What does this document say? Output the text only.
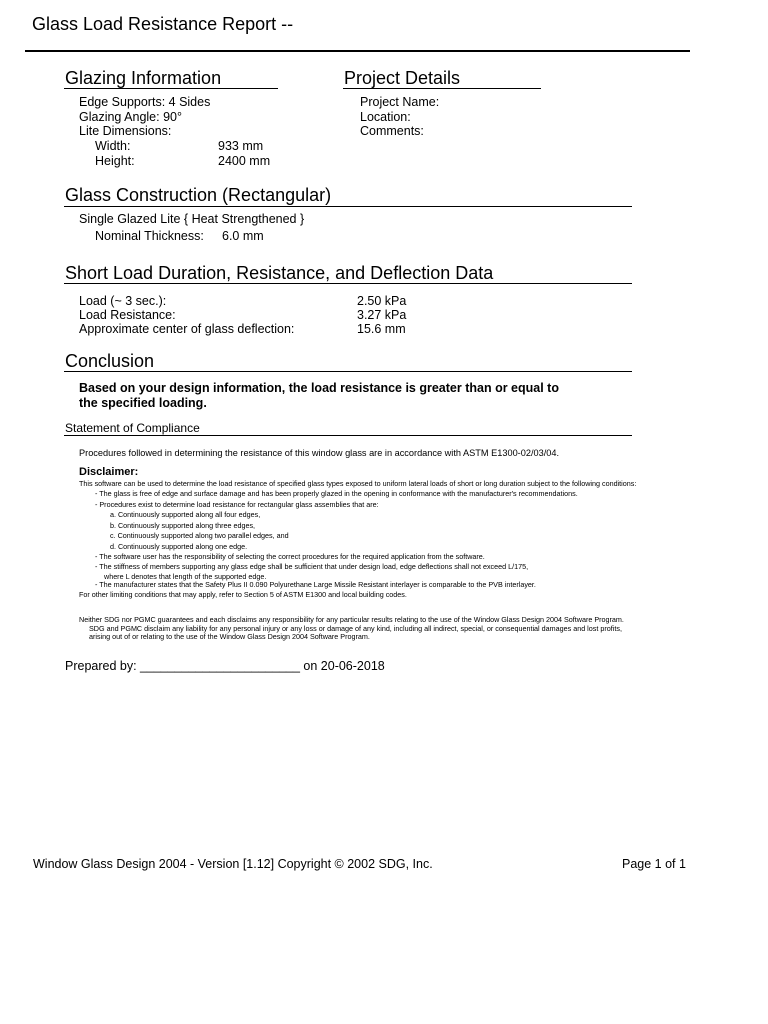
Glass Load Resistance Report --
Glazing Information
Edge Supports: 4 Sides
Glazing Angle: 90°
Lite Dimensions:
Width:	933 mm
Height:	2400 mm
Project Details
Project Name:
Location:
Comments:
Glass Construction (Rectangular)
Single Glazed Lite { Heat Strengthened }
Nominal Thickness: 6.0 mm
Short Load Duration, Resistance, and Deflection Data
Load (~ 3 sec.):	2.50 kPa
Load Resistance:	3.27 kPa
Approximate center of glass deflection:	15.6 mm
Conclusion
Based on your design information, the load resistance is greater than or equal to
the specified loading.
Statement of Compliance
Procedures followed in determining the resistance of this window glass are in accordance with ASTM E1300-02/03/04.
Disclaimer:
This software can be used to determine the load resistance of specified glass types exposed to uniform lateral loads of short or long duration subject to the following conditions:
- The glass is free of edge and surface damage and has been properly glazed in the opening in conformance with the manufacturer's recommendations.
- Procedures exist to determine load resistance for rectangular glass assemblies that are:
a. Continuously supported along all four edges,
b. Continuously supported along three edges,
c. Continuously supported along two parallel edges, and
d. Continuously supported along one edge.
- The software user has the responsibility of selecting the correct procedures for the required application from the software.
- The stiffness of members supporting any glass edge shall be sufficient that under design load, edge deflections shall not exceed L/175,
where L denotes that length of the supported edge.
- The manufacturer states that the Safety Plus II 0.090 Polyurethane Large Missile Resistant interlayer is comparable to the PVB interlayer.
For other limiting conditions that may apply, refer to Section 5 of ASTM E1300 and local building codes.
Neither SDG nor PGMC guarantees and each disclaims any responsibility for any particular results relating to the use of the Window Glass Design 2004 Software Program.
SDG and PGMC disclaim any liability for any personal injury or any loss or damage of any kind, including all indirect, special, or consequential damages and lost profits,
arising out of or relating to the use of the Window Glass Design 2004 Software Program.
Prepared by: _______________________ on 20-06-2018
Window Glass Design 2004 - Version [1.12] Copyright © 2002 SDG, Inc.	Page 1 of 1
